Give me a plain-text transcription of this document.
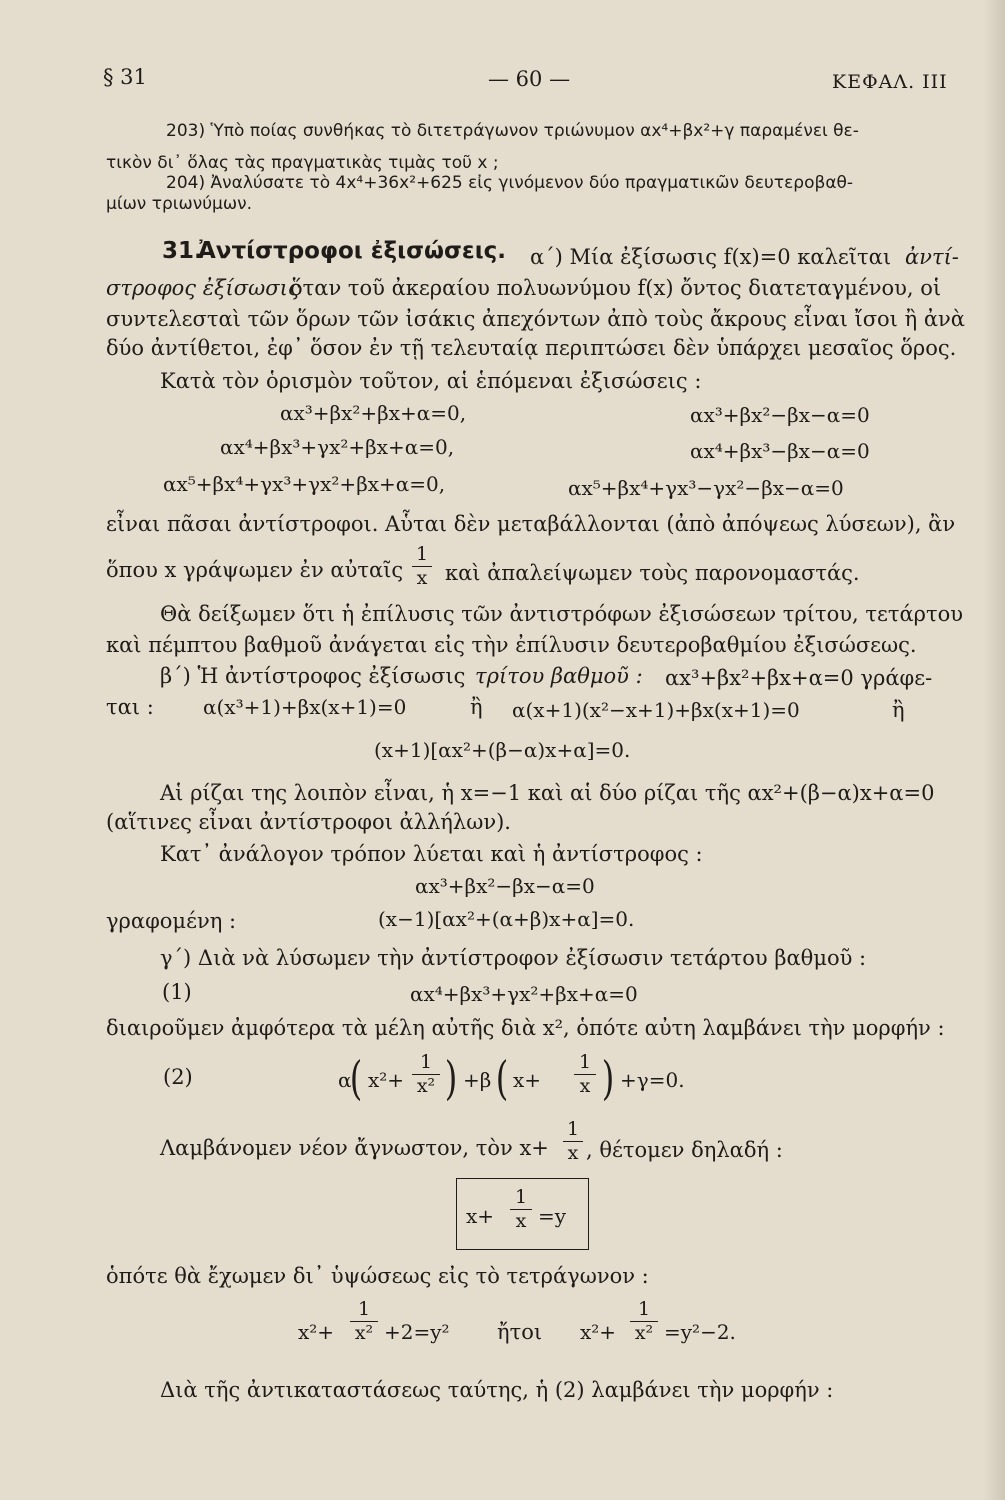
§ 31	— 60 —	ΚΕΦΑΛ. III
203) Ὑπὸ ποίας συνθήκας τὸ διτετράγωνον τριώνυμον αx⁴+βx²+γ παραμένει θε-
τικὸν δι᾽ ὅλας τὰς πραγματικὰς τιμὰς τοῦ x ;
204) Ἀναλύσατε τὸ 4x⁴+36x²+625 εἰς γινόμενον δύο πραγματικῶν δευτεροβαθ-
μίων τριωνύμων.
31.
Ἀντίστροφοι ἐξισώσεις. α΄) Μία ἐξίσωσις f(x)=0 καλεῖται ἀντί-
στροφος ἐξίσωσις
ὅταν τοῦ ἀκεραίου πολυωνύμου f(x) ὄντος διατεταγμένου, οἱ
συντελεσταὶ τῶν ὅρων τῶν ἰσάκις ἀπεχόντων ἀπὸ τοὺς ἄκρους εἶναι ἴσοι ἢ ἀνὰ
δύο ἀντίθετοι, ἐφ᾽ ὅσον ἐν τῇ τελευταίᾳ περιπτώσει δὲν ὑπάρχει μεσαῖος ὅρος.
Κατὰ τὸν ὁρισμὸν τοῦτον, αἱ ἑπόμεναι ἐξισώσεις :
αx³+βx²+βx+α=0,	αx³+βx²−βx−α=0
αx⁴+βx³+γx²+βx+α=0,	αx⁴+βx³−βx−α=0
αx⁵+βx⁴+γx³+γx²+βx+α=0,	αx⁵+βx⁴+γx³−γx²−βx−α=0
εἶναι πᾶσαι ἀντίστροφοι. Αὗται δὲν μεταβάλλονται (ἀπὸ ἀπόψεως λύσεων), ἂν
ὅπου x γράψωμεν ἐν αὐταῖς
1
x καὶ ἀπαλείψωμεν τοὺς παρονομαστάς.
Θὰ δείξωμεν ὅτι ἡ ἐπίλυσις τῶν ἀντιστρόφων ἐξισώσεων τρίτου, τετάρτου
καὶ πέμπτου βαθμοῦ ἀνάγεται εἰς τὴν ἐπίλυσιν δευτεροβαθμίου ἐξισώσεως.
β΄) Ἡ ἀντίστροφος ἐξίσωσις τρίτου βαθμοῦ : αx³+βx²+βx+α=0 γράφε-
ται : α(x³+1)+βx(x+1)=0	ἢ α(x+1)(x²−x+1)+βx(x+1)=0	ἢ
(x+1)[αx²+(β−α)x+α]=0.
Αἱ ρίζαι της λοιπὸν εἶναι, ἡ x=−1 καὶ αἱ δύο ρίζαι τῆς αx²+(β−α)x+α=0
(αἵτινες εἶναι ἀντίστροφοι ἀλλήλων).
Κατ᾽ ἀνάλογον τρόπον λύεται καὶ ἡ ἀντίστροφος :
αx³+βx²−βx−α=0
γραφομένη :	(x−1)[αx²+(α+β)x+α]=0.
γ΄) Διὰ νὰ λύσωμεν τὴν ἀντίστροφον ἐξίσωσιν τετάρτου βαθμοῦ :
(1)	αx⁴+βx³+γx²+βx+α=0
διαιροῦμεν ἀμφότερα τὰ μέλη αὐτῆς διὰ x², ὁπότε αὐτη λαμβάνει τὴν μορφήν :
(2)	α
( x²+
1
x² ) +β ( x+
1
x ) +γ=0.
Λαμβάνομεν νέον ἄγνωστον, τὸν x+
1
x , θέτομεν δηλαδή :
x+
1
x =y
ὁπότε θὰ ἔχωμεν δι᾽ ὑψώσεως εἰς τὸ τετράγωνον :
x²+
1
x² +2=y² ἤτοι x²+
1
x² =y²−2.
Διὰ τῆς ἀντικαταστάσεως ταύτης, ἡ (2) λαμβάνει τὴν μορφήν :
